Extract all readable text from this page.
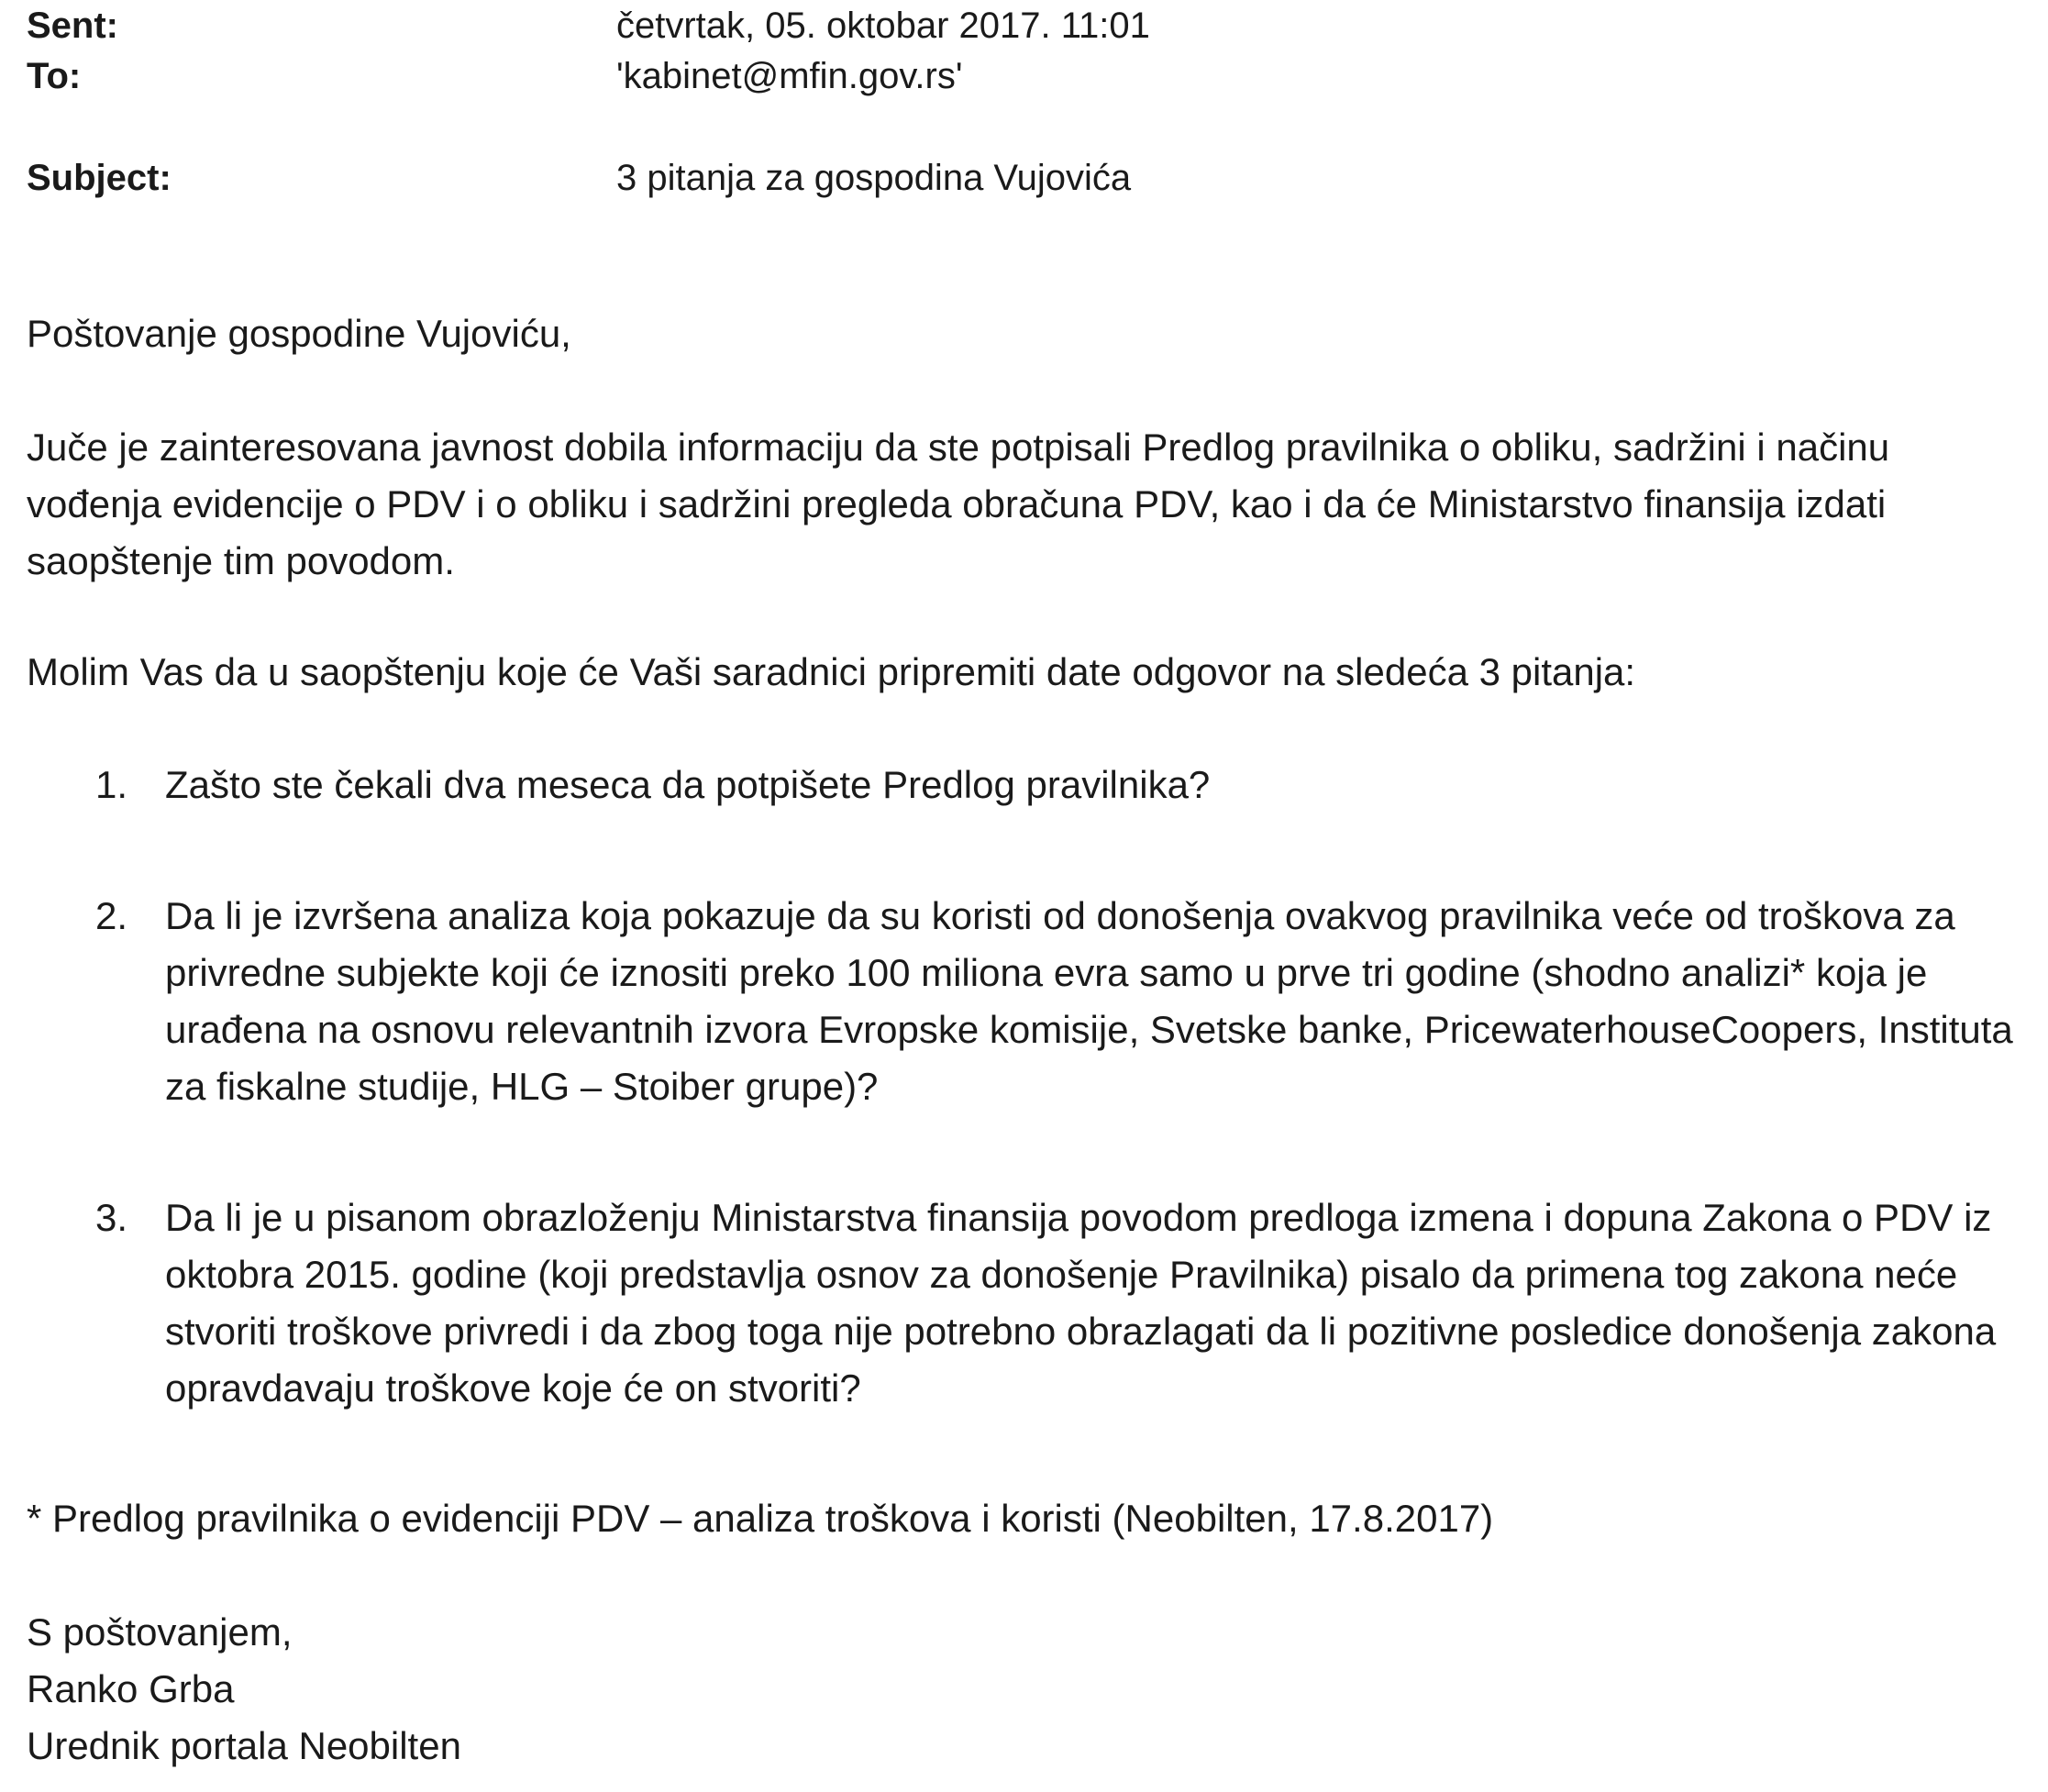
Sent:	četvrtak, 05. oktobar 2017. 11:01
To:	'kabinet@mfin.gov.rs'
Subject:	3 pitanja za gospodina Vujovića
Poštovanje gospodine Vujoviću,
Juče je zainteresovana javnost dobila informaciju da ste potpisali Predlog pravilnika o obliku, sadržini i načinu vođenja evidencije o PDV i o obliku i sadržini pregleda obračuna PDV, kao i da će Ministarstvo finansija izdati saopštenje tim povodom.
Molim Vas da u saopštenju koje će Vaši saradnici pripremiti date odgovor na sledeća 3 pitanja:
1. Zašto ste čekali dva meseca da potpišete Predlog pravilnika?
2. Da li je izvršena analiza koja pokazuje da su koristi od donošenja ovakvog pravilnika veće od troškova za privredne subjekte koji će iznositi preko 100 miliona evra samo u prve tri godine (shodno analizi* koja je urađena na osnovu relevantnih izvora Evropske komisije, Svetske banke, PricewaterhouseCoopers, Instituta za fiskalne studije, HLG – Stoiber grupe)?
3. Da li je u pisanom obrazloženju Ministarstva finansija povodom predloga izmena i dopuna Zakona o PDV iz oktobra 2015. godine (koji predstavlja osnov za donošenje Pravilnika) pisalo da primena tog zakona neće stvoriti troškove privredi i da zbog toga nije potrebno obrazlagati da li pozitivne posledice donošenja zakona opravdavaju troškove koje će on stvoriti?
* Predlog pravilnika o evidenciji PDV – analiza troškova i koristi (Neobilten, 17.8.2017)
S poštovanjem,
Ranko Grba
Urednik portala Neobilten
